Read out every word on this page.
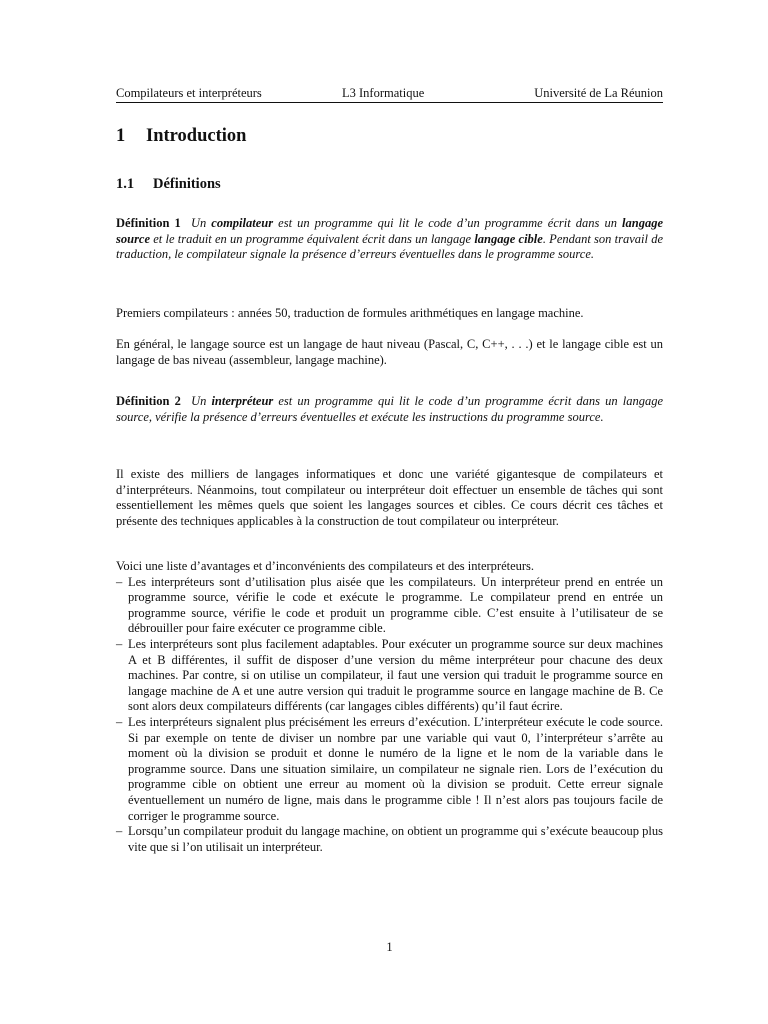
Compilateurs et interpréteurs	L3 Informatique	Université de La Réunion
1 Introduction
1.1 Définitions
Définition 1 Un compilateur est un programme qui lit le code d’un programme écrit dans un langage source et le traduit en un programme équivalent écrit dans un langage langage cible. Pendant son travail de traduction, le compilateur signale la présence d’erreurs éventuelles dans le programme source.

Premiers compilateurs : années 50, traduction de formules arithmétiques en langage machine.

En général, le langage source est un langage de haut niveau (Pascal, C, C++, . . .) et le langage cible est un langage de bas niveau (assembleur, langage machine).

Définition 2 Un interpréteur est un programme qui lit le code d’un programme écrit dans un langage source, vérifie la présence d’erreurs éventuelles et exécute les instructions du programme source.

Il existe des milliers de langages informatiques et donc une variété gigantesque de compilateurs et d’interpréteurs. Néanmoins, tout compilateur ou interpréteur doit effectuer un ensemble de tâches qui sont essentiellement les mêmes quels que soient les langages sources et cibles. Ce cours décrit ces tâches et présente des techniques applicables à la construction de tout compilateur ou interpréteur.

Voici une liste d’avantages et d’inconvénients des compilateurs et des interpréteurs.

– Les interpréteurs sont d’utilisation plus aisée que les compilateurs. Un interpréteur prend en entrée un programme source, vérifie le code et exécute le programme. Le compilateur prend en entrée un programme source, vérifie le code et produit un programme cible. C’est ensuite à l’utilisateur de se débrouiller pour faire exécuter ce programme cible.
– Les interpréteurs sont plus facilement adaptables. Pour exécuter un programme source sur deux machines A et B différentes, il suffit de disposer d’une version du même interpréteur pour chacune des deux machines. Par contre, si on utilise un compilateur, il faut une version qui traduit le programme source en langage machine de A et une autre version qui traduit le programme source en langage machine de B. Ce sont alors deux compilateurs différents (car langages cibles différents) qu’il faut écrire.
– Les interpréteurs signalent plus précisément les erreurs d’exécution. L’interpréteur exécute le code source. Si par exemple on tente de diviser un nombre par une variable qui vaut 0, l’interpréteur s’arrête au moment où la division se produit et donne le numéro de la ligne et le nom de la variable dans le programme source. Dans une situation similaire, un compilateur ne signale rien. Lors de l’exécution du programme cible on obtient une erreur au moment où la division se produit. Cette erreur signale éventuellement un numéro de ligne, mais dans le programme cible ! Il n’est alors pas toujours facile de corriger le programme source.
– Lorsqu’un compilateur produit du langage machine, on obtient un programme qui s’exécute beaucoup plus vite que si l’on utilisait un interpréteur.
1
